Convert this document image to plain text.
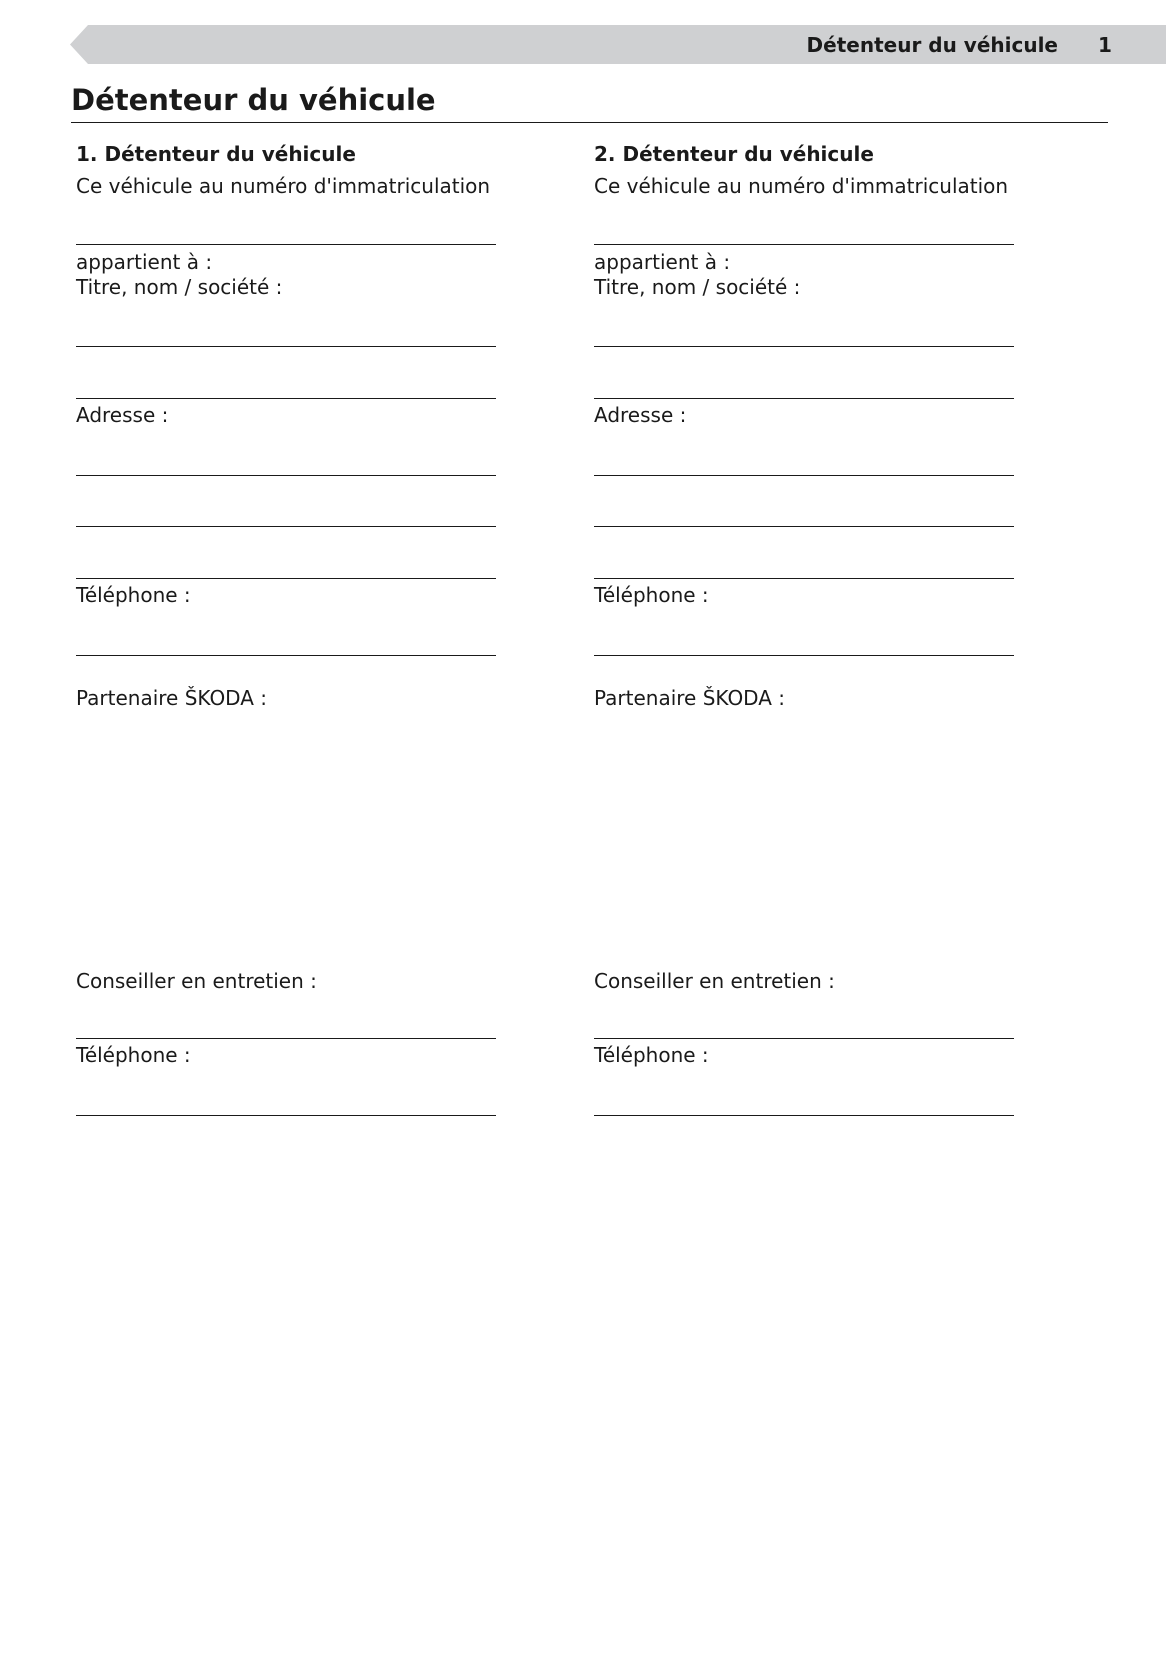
Détenteur du véhicule 1
Détenteur du véhicule
1. Détenteur du véhicule
Ce véhicule au numéro d'immatriculation
appartient à :
Titre, nom / société :
Adresse :
Téléphone :
Partenaire ŠKODA :
Conseiller en entretien :
Téléphone :
2. Détenteur du véhicule
Ce véhicule au numéro d'immatriculation
appartient à :
Titre, nom / société :
Adresse :
Téléphone :
Partenaire ŠKODA :
Conseiller en entretien :
Téléphone :
